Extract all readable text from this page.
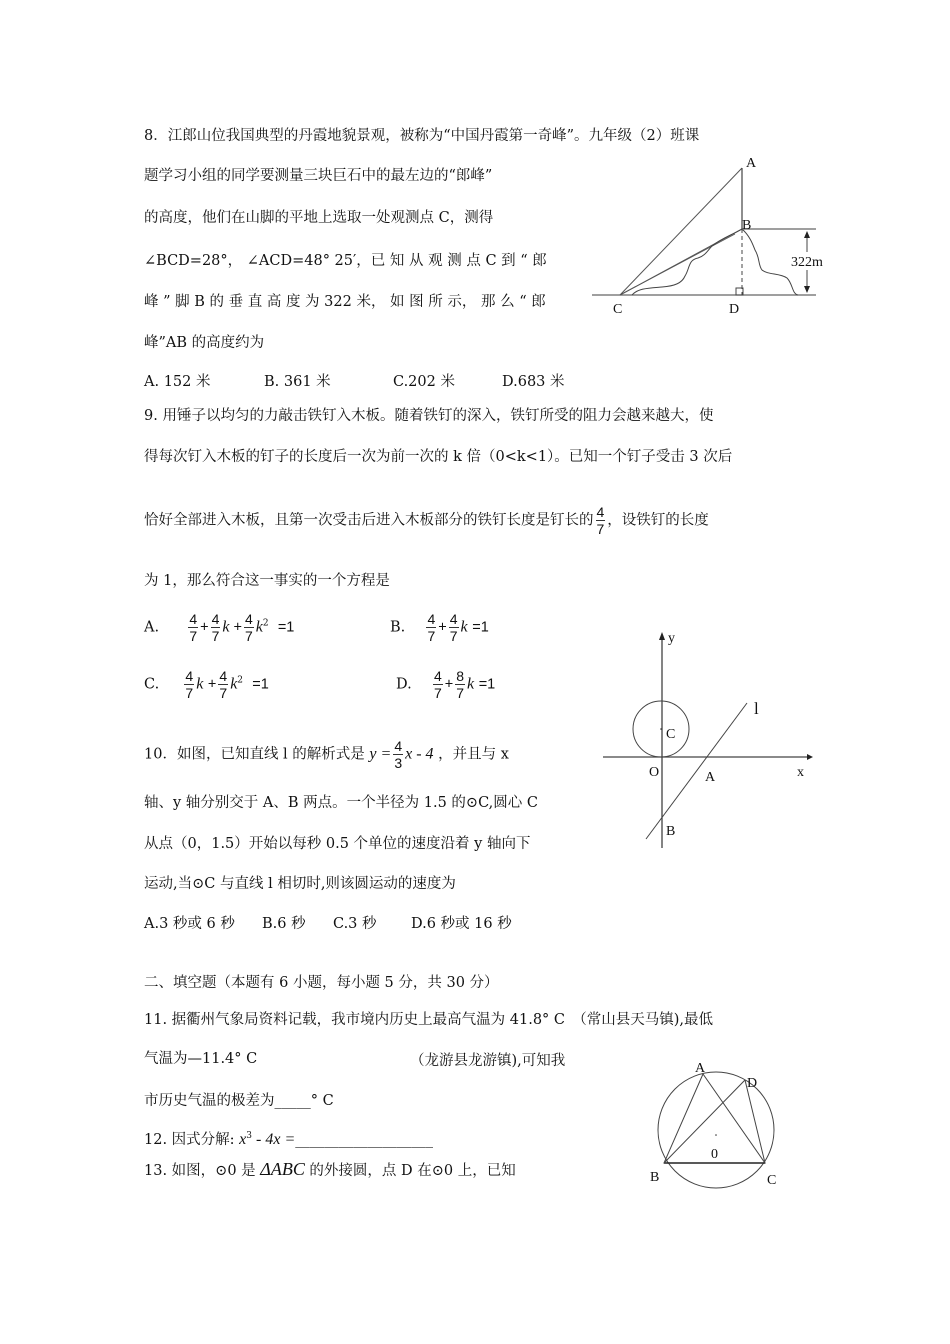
8．江郎山位我国典型的丹霞地貌景观，被称为“中国丹霞第一奇峰”。九年级（2）班课
题学习小组的同学要测量三块巨石中的最左边的“郎峰”
的高度，他们在山脚的平地上选取一处观测点 C，测得
∠BCD=28°， ∠ACD=48° 25′，已 知 从 观 测 点 C 到 “ 郎
峰 ” 脚 B 的 垂 直 高 度 为 322 米， 如 图 所 示， 那 么 “ 郎
峰”AB 的高度约为
A. 152 米	B. 361 米	C.202 米	D.683 米
322m
A
B
C	D
9. 用锤子以均匀的力敲击铁钉入木板。随着铁钉的深入，铁钉所受的阻力会越来越大，使
得每次钉入木板的钉子的长度后一次为前一次的 k 倍（0<k<1）。已知一个钉子受击 3 次后
恰好全部进入木板，且第一次受击后进入木板部分的铁钉长度是钉长的 $\frac{4}{7}$ ，设铁钉的长度
为 1，那么符合这一事实的一个方程是
A. $\frac{4}{7} + \frac{4}{7}$ $k + \frac{4}{7} k^2 =1$	B. $\frac{4}{7} + \frac{4}{7}$ k =1
C. $\frac{4}{7}$ $k + \frac{4}{7} k^2 =1$	D. $\frac{4}{7} + \frac{8}{7}$ k =1
10．如图，已知直线 l 的解析式是 $y = \frac{4}{3}$ x - 4 ，并且与 x
轴、y 轴分别交于 A、B 两点。一个半径为 1.5 的⊙C,圆心 C
从点（0，1.5）开始以每秒 0.5 个单位的速度沿着 y 轴向下
运动,当⊙C 与直线 l 相切时,则该圆运动的速度为
A.3 秒或 6 秒 B.6 秒 C.3 秒 D.6 秒或 16 秒
y
x
O
C
A
B
l
二、填空题（本题有 6 小题，每小题 5 分，共 30 分）
11. 据衢州气象局资料记载，我市境内历史上最高气温为 41.8° C　（常山县天马镇),最低
气温为—11.4° C	（龙游县龙游镇),可知我
市历史气温的极差为_____° C
12. 因式分解: $x^3 - 4x$ =___________________
13. 如图，⊙0 是 ΔABC 的外接圆，点 D 在⊙0 上，已知
A
D
B	C
0
